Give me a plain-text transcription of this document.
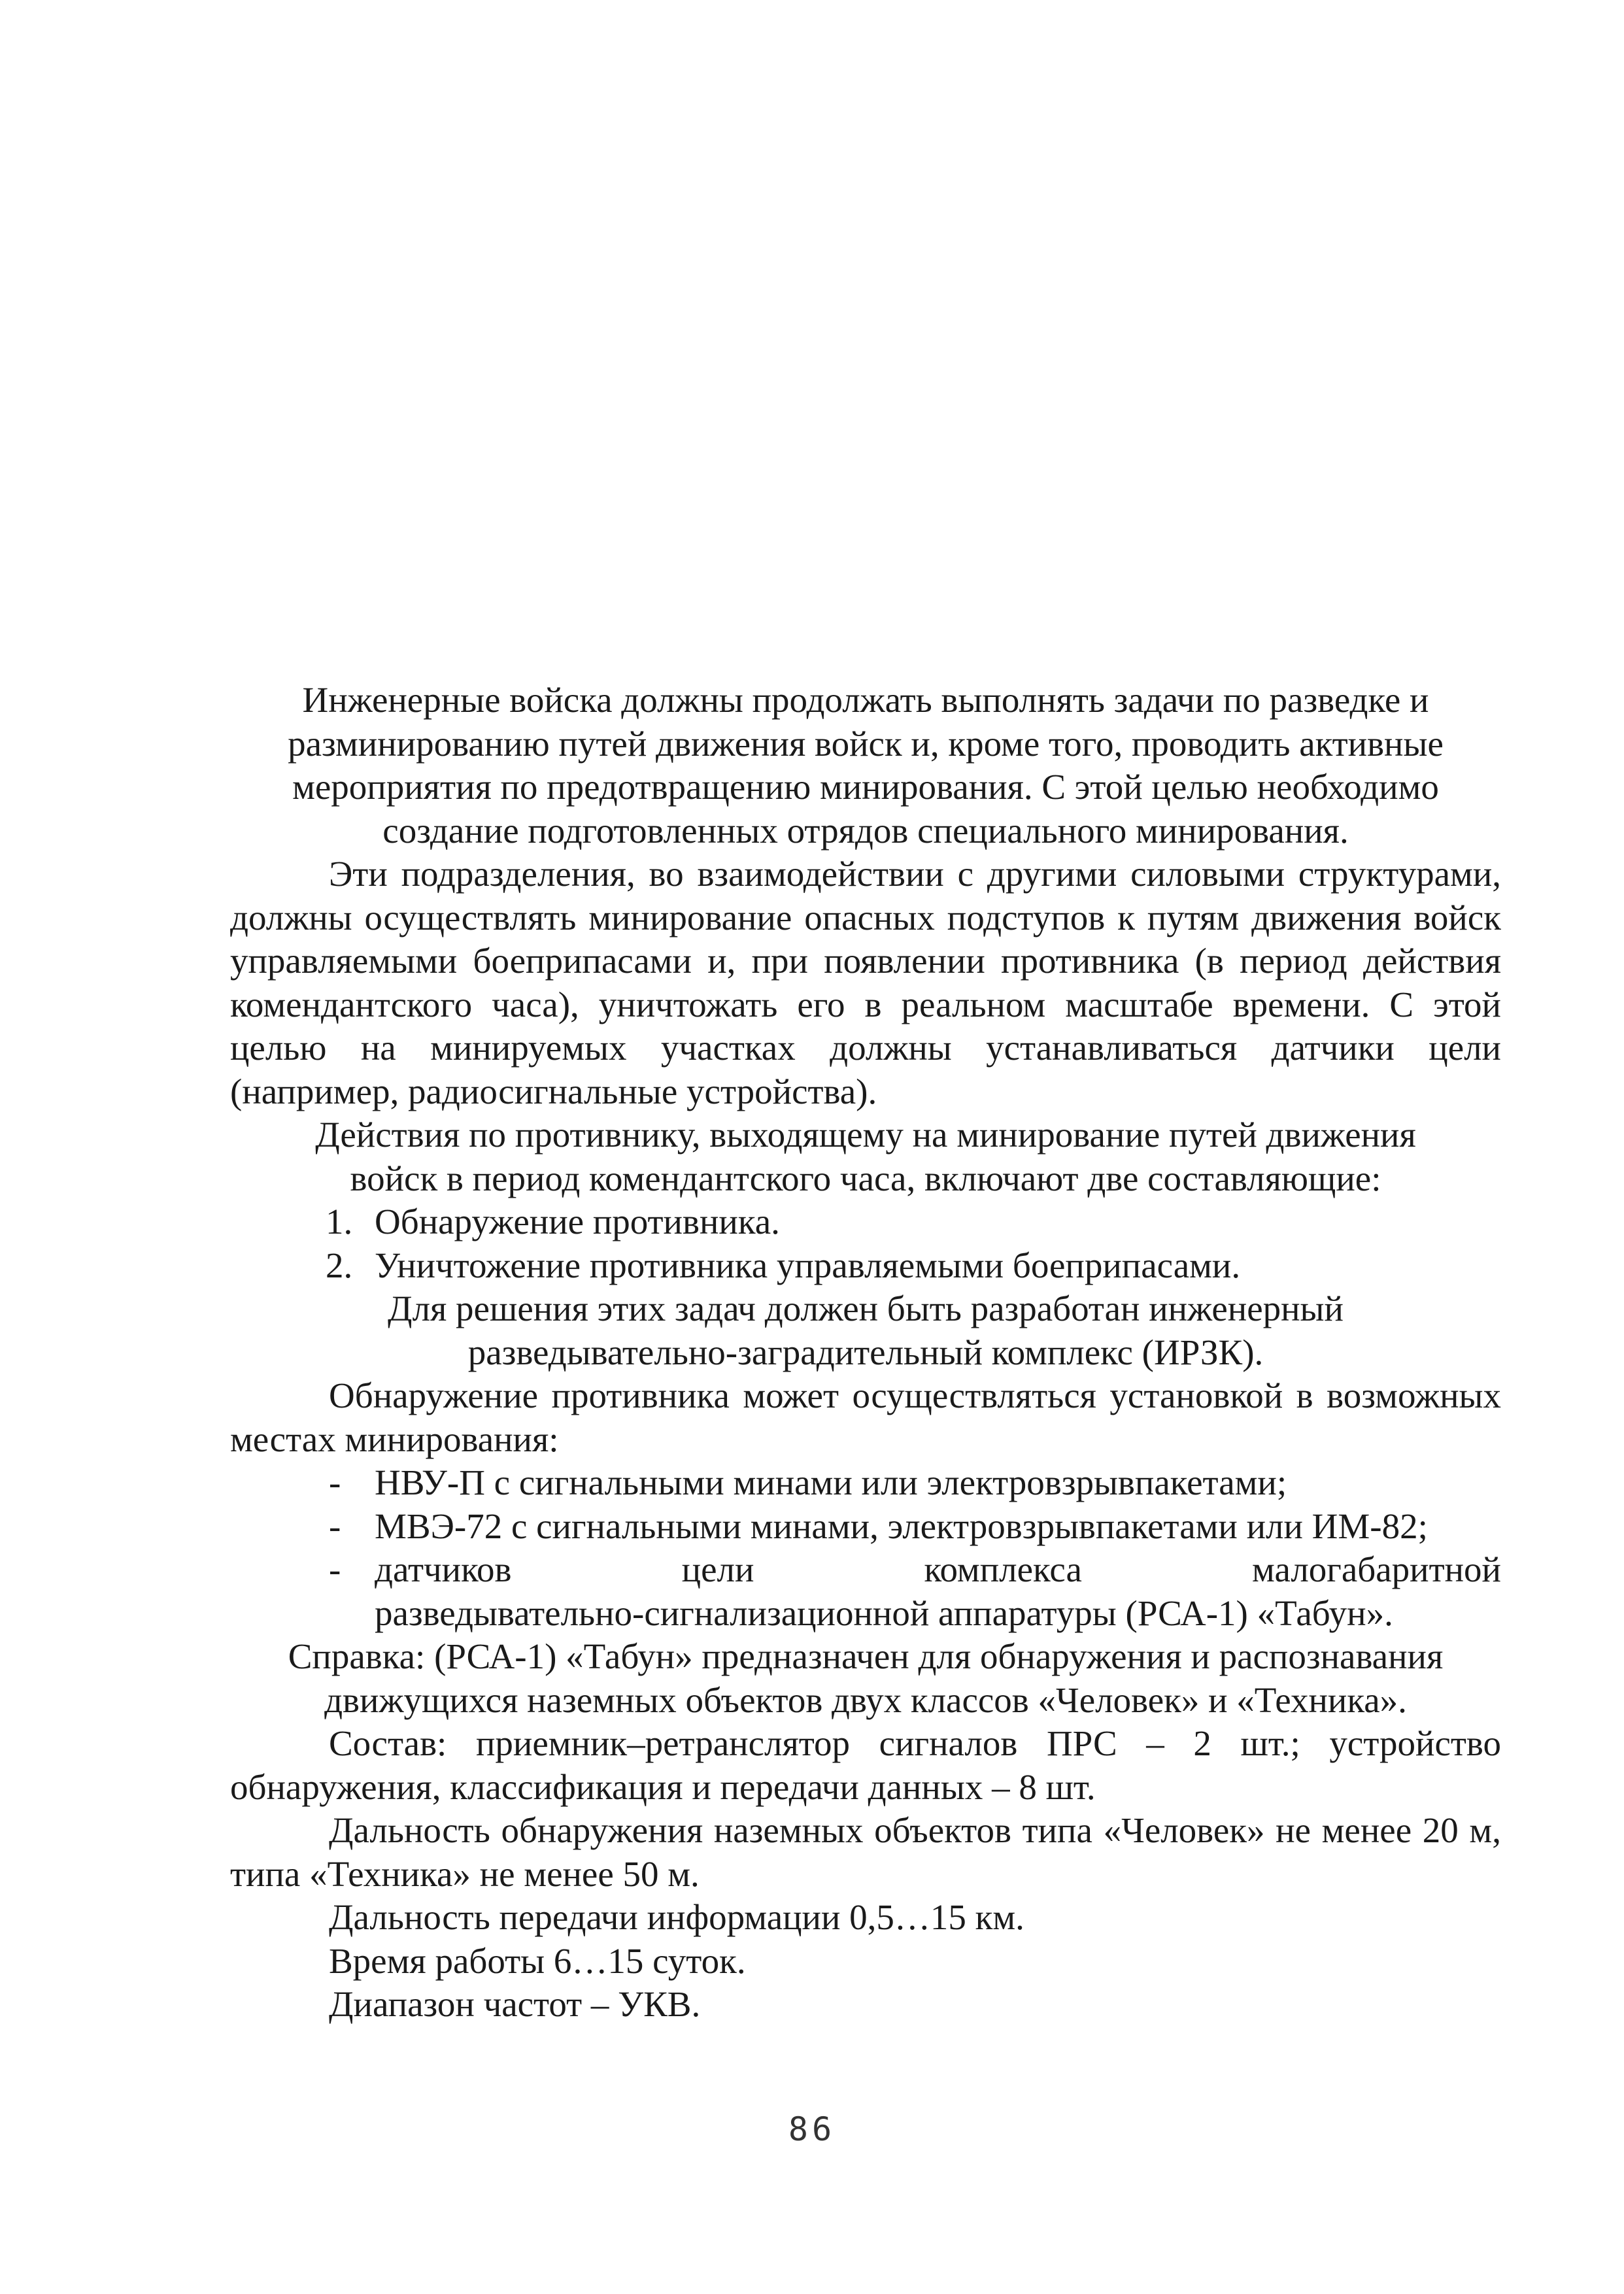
Инженерные войска должны продолжать выполнять задачи по разведке и
разминированию путей движения войск и, кроме того, проводить активные
мероприятия по предотвращению минирования. С этой целью необходимо
создание подготовленных отрядов специального минирования.
Эти подразделения, во взаимодействии с другими силовыми структурами, должны осуществлять минирование опасных подступов к путям движения войск управляемыми боеприпасами и, при появлении противника (в период действия комендантского часа), уничтожать его в реальном масштабе времени. С этой целью на минируемых участках должны устанавливаться датчики цели (например, радиосигнальные устройства).
Действия по противнику, выходящему на минирование путей движения
войск в период комендантского часа, включают две составляющие:
1. Обнаружение противника.
2. Уничтожение противника управляемыми боеприпасами.
Для решения этих задач должен быть разработан инженерный
разведывательно-заградительный комплекс (ИРЗК).
Обнаружение противника может осуществляться установкой в возможных местах минирования:
- НВУ-П с сигнальными минами или электровзрывпакетами;
- МВЭ-72 с сигнальными минами, электровзрывпакетами или ИМ-82;
- датчиков цели комплекса малогабаритной
разведывательно-сигнализационной аппаратуры (РСА-1) «Табун».
Справка: (РСА-1) «Табун» предназначен для обнаружения и распознавания
движущихся наземных объектов двух классов «Человек» и «Техника».
Состав: приемник–ретранслятор сигналов ПРС – 2 шт.; устройство обнаружения, классификация и передачи данных – 8 шт.
Дальность обнаружения наземных объектов типа «Человек» не менее 20 м, типа «Техника» не менее 50 м.
Дальность передачи информации 0,5…15 км.
Время работы 6…15 суток.
Диапазон частот – УКВ.
86
